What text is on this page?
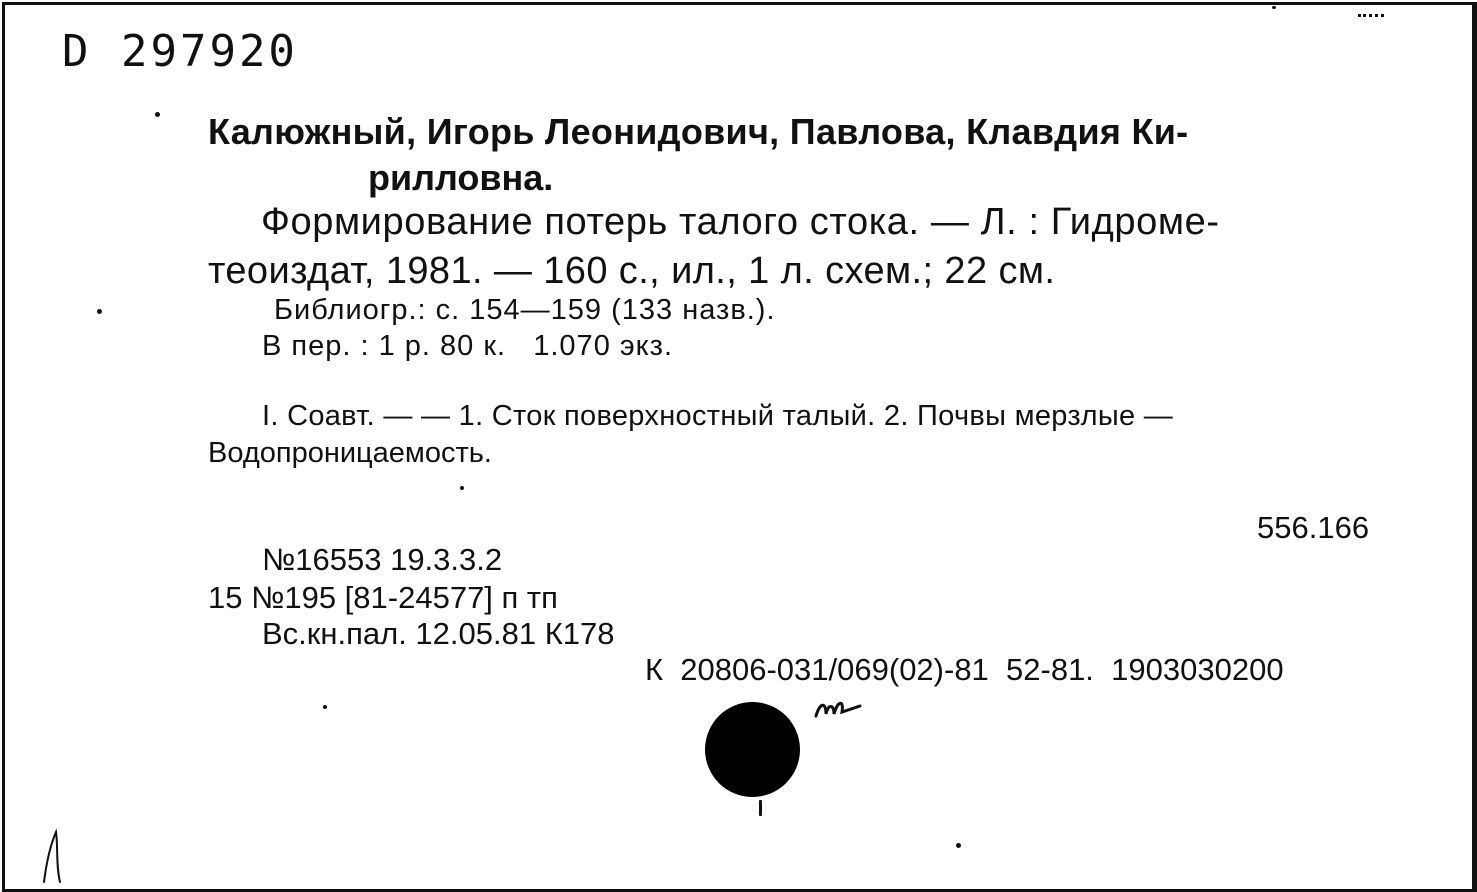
D 297920
Калюжный, Игорь Леонидович, Павлова, Клавдия Ки-
рилловна.
Формирование потерь талого стока. — Л. : Гидроме-
теоиздат, 1981. — 160 с., ил., 1 л. схем.; 22 см.
Библиогр.: с. 154—159 (133 назв.).
В пер. : 1 р. 80 к.   1.070 экз.
I. Соавт. — — 1. Сток поверхностный талый. 2. Почвы мерзлые —
Водопроницаемость.
556.166
№16553 19.3.3.2
15 №195 [81-24577] п тп
Вс.кн.пал. 12.05.81 К178
К  20806-031/069(02)-81  52-81.  1903030200
